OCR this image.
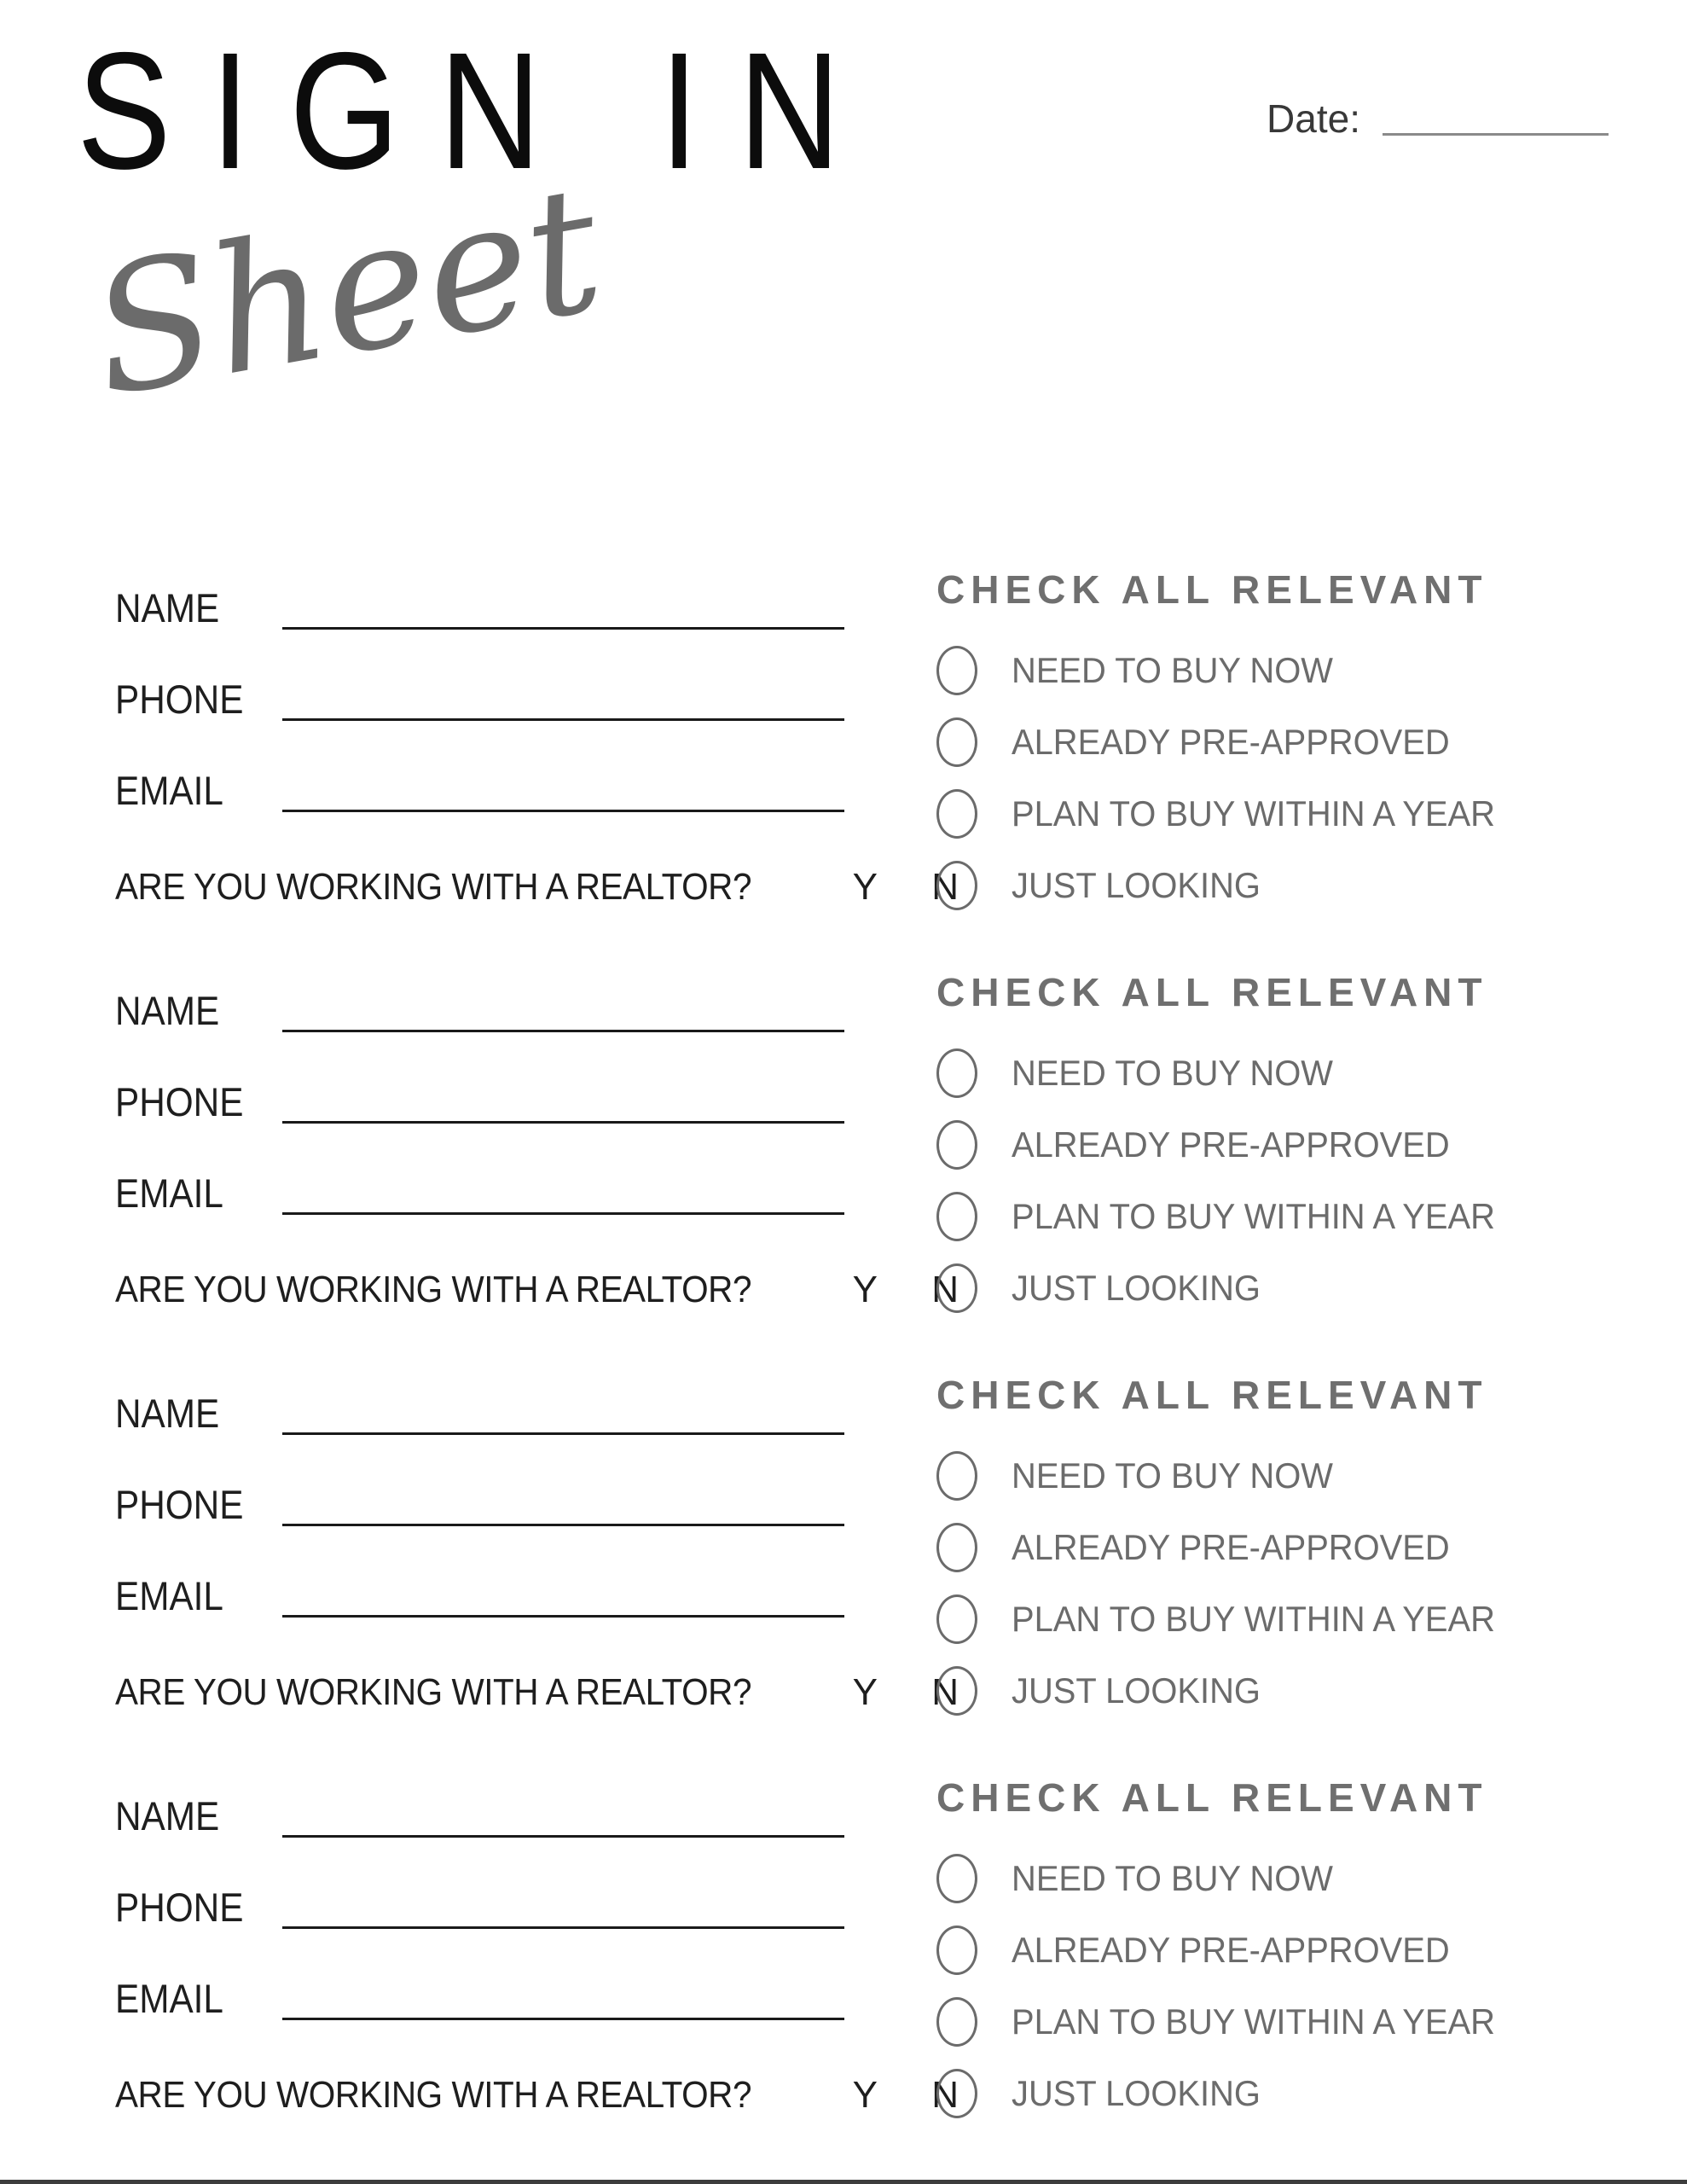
SIGN IN
Sheet
Date:
NAME
PHONE
EMAIL
ARE YOU WORKING WITH A REALTOR?	Y N
CHECK ALL RELEVANT
NEED TO BUY NOW
ALREADY PRE-APPROVED
PLAN TO BUY WITHIN A YEAR
JUST LOOKING
NAME
PHONE
EMAIL
ARE YOU WORKING WITH A REALTOR?	Y N
CHECK ALL RELEVANT
NEED TO BUY NOW
ALREADY PRE-APPROVED
PLAN TO BUY WITHIN A YEAR
JUST LOOKING
NAME
PHONE
EMAIL
ARE YOU WORKING WITH A REALTOR?	Y N
CHECK ALL RELEVANT
NEED TO BUY NOW
ALREADY PRE-APPROVED
PLAN TO BUY WITHIN A YEAR
JUST LOOKING
NAME
PHONE
EMAIL
ARE YOU WORKING WITH A REALTOR?	Y N
CHECK ALL RELEVANT
NEED TO BUY NOW
ALREADY PRE-APPROVED
PLAN TO BUY WITHIN A YEAR
JUST LOOKING
